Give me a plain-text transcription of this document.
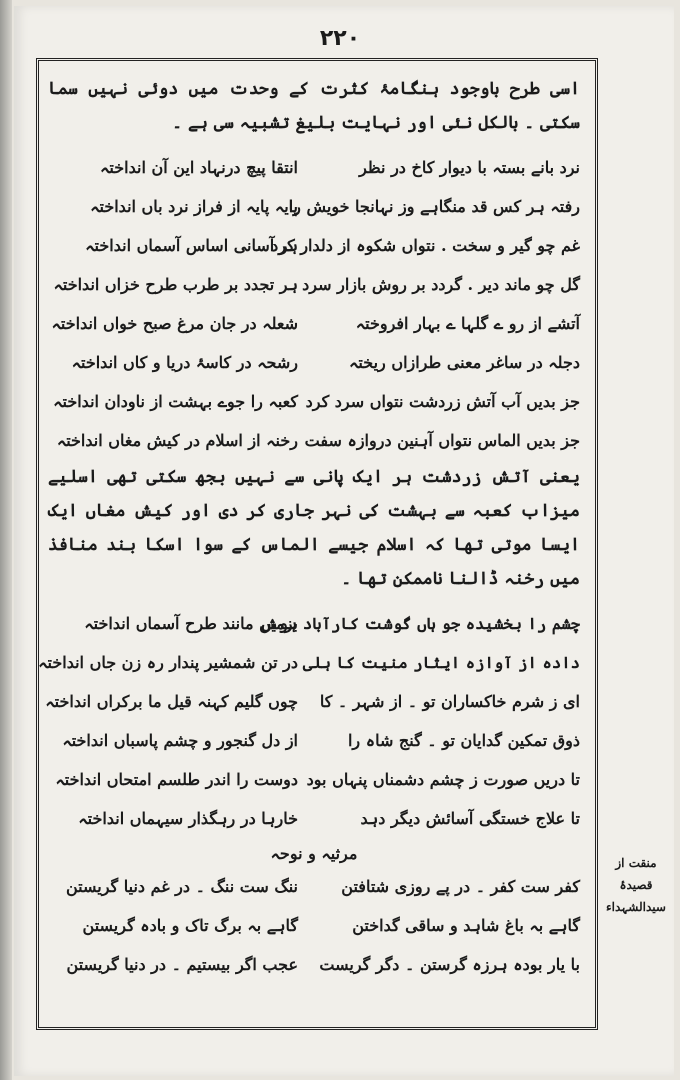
۲۲۰

اسی طرح باوجود ہنگامۂ کثرت کے وحدت میں دوئی نہیں سما سکتی ۔ بالکل نئی اور نہایت بلیغ تشبیہ سی ہے ۔

نرد بانے بستہ با دیوار کاخ در نظر
انتقا پیچ درنہاد این آن انداختہ
رفتہ ہر کس قد منگاہے وز نہانجا خویش را
پایہ پایہ از فراز نرد باں انداختہ
غم چو گیر و سخت . نتواں شکوہ از دلدار کرد
ہر آسانی اساس آسماں انداختہ
گل چو ماند دیر . گردد بر روش بازار سرد
ہر تجدد بر طرب طرح خزاں انداختہ
آتشے از رو ے گلہا ے بہار افروختہ
شعلہ در جان مرغ صبح خواں انداختہ
دجلہ در ساغر معنی طرازاں ریختہ
رشحہ در کاسۂ دریا و کاں انداختہ
جز بدیں آب آتش زردشت نتواں سرد کرد
کعبہ را جوے بہشت از ناودان انداختہ
جز بدیں الماس نتواں آہنین دروازہ سفت
رخنہ از اسلام در کیش مغاں انداختہ

یعنی آتش زردشت ہر ایک پانی سے نہیں بجھ سکتی تھی اسلیے میزاب کعبہ سے بہشت کی نہر جاری کر دی اور کیش مغاں ایک ایسا موتی تھا کہ اسلام جیسے الماس کے سوا اسکا بند منافذ میں رخنہ ڈالنا ناممکن تھا ۔

چشم را بخشیدہ جو ہاں گوشت کارآباد ہوش
بزمیں مانند طرح آسماں انداختہ
دادہ از آوازہ ایثار منیت کا ہلی
در تن شمشیر پندار رہ زن جاں انداختہ
ای ز شرم خاکساران تو ۔ از شہر ۔ کا
چوں گلیم کہنہ قیل ما برکراں انداختہ
ذوق تمکین گدایان تو ۔ گنج شاہ را
از دل گنجور و چشم پاسباں انداختہ
تا دریں صورت ز چشم دشمناں پنہاں بود
دوست را اندر طلسم امتحاں انداختہ
تا علاج خستگی آسائش دیگر دہد
خارہا در رہگذار سیہماں انداختہ
مرثیہ و نوحہ
کفر ست کفر ۔ در پے روزی شتافتن
ننگ ست ننگ ۔ در غم دنیا گریستن
گاہے بہ باغ شاہد و ساقی گداختن
گاہے بہ برگ تاک و بادہ گریستن
با یار بودہ ہرزہ گرستن ۔ دگر گریست
عجب اگر بیستیم ۔ در دنیا گریستن
منقت از
قصیدۂ
سیدالشہداء
